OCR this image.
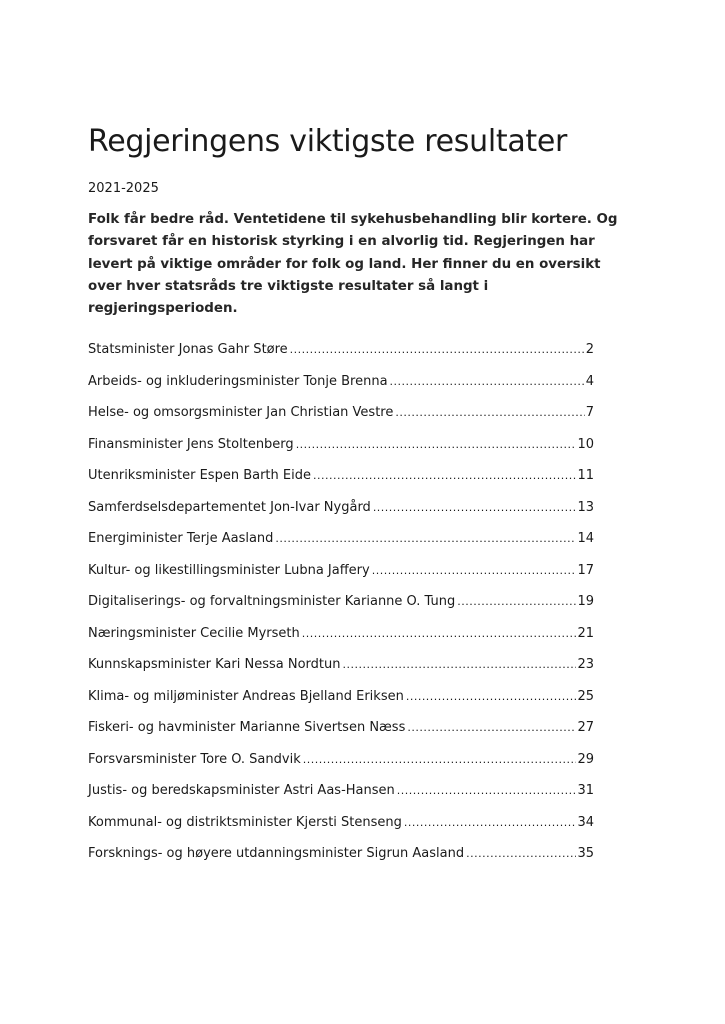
Regjeringens viktigste resultater

2021-2025

Folk får bedre råd. Ventetidene til sykehusbehandling blir kortere. Og forsvaret får en historisk styrking i en alvorlig tid. Regjeringen har levert på viktige områder for folk og land. Her finner du en oversikt over hver statsråds tre viktigste resultater så langt i regjeringsperioden.

Statsminister Jonas Gahr Støre .....	2
Arbeids- og inkluderingsminister Tonje Brenna .....	4
Helse- og omsorgsminister Jan Christian Vestre .....	7
Finansminister Jens Stoltenberg .....	10
Utenriksminister Espen Barth Eide .....	11
Samferdselsdepartementet Jon-Ivar Nygård .....	13
Energiminister Terje Aasland .....	14
Kultur- og likestillingsminister Lubna Jaffery .....	17
Digitaliserings- og forvaltningsminister Karianne O. Tung .....	19
Næringsminister Cecilie Myrseth .....	21
Kunnskapsminister Kari Nessa Nordtun .....	23
Klima- og miljøminister Andreas Bjelland Eriksen .....	25
Fiskeri- og havminister Marianne Sivertsen Næss .....	27
Forsvarsminister Tore O. Sandvik .....	29
Justis- og beredskapsminister Astri Aas-Hansen .....	31
Kommunal- og distriktsminister Kjersti Stenseng .....	34
Forsknings- og høyere utdanningsminister Sigrun Aasland .....	35
